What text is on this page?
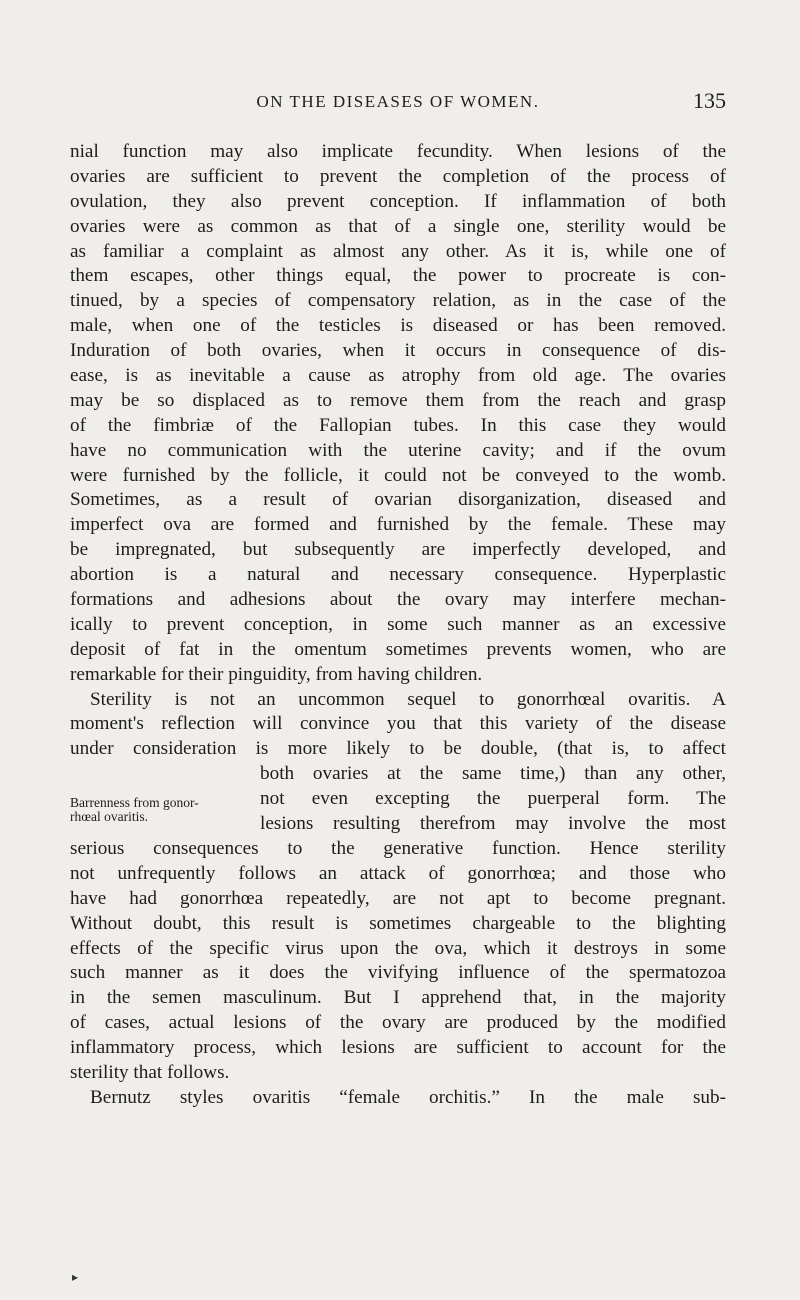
ON THE DISEASES OF WOMEN.	135
nial function may also implicate fecundity. When lesions of the
ovaries are sufficient to prevent the completion of the process of
ovulation, they also prevent conception. If inflammation of both
ovaries were as common as that of a single one, sterility would be
as familiar a complaint as almost any other. As it is, while one of
them escapes, other things equal, the power to procreate is con-
tinued, by a species of compensatory relation, as in the case of the
male, when one of the testicles is diseased or has been removed.
Induration of both ovaries, when it occurs in consequence of dis-
ease, is as inevitable a cause as atrophy from old age. The ovaries
may be so displaced as to remove them from the reach and grasp
of the fimbriæ of the Fallopian tubes. In this case they would
have no communication with the uterine cavity; and if the ovum
were furnished by the follicle, it could not be conveyed to the womb.
Sometimes, as a result of ovarian disorganization, diseased and
imperfect ova are formed and furnished by the female. These may
be impregnated, but subsequently are imperfectly developed, and
abortion is a natural and necessary consequence. Hyperplastic
formations and adhesions about the ovary may interfere mechan-
ically to prevent conception, in some such manner as an excessive
deposit of fat in the omentum sometimes prevents women, who are
remarkable for their pinguidity, from having children.
Sterility is not an uncommon sequel to gonorrhœal ovaritis. A
moment's reflection will convince you that this variety of the disease
under consideration is more likely to be double, (that is, to affect
both ovaries at the same time,) than any other,
not even excepting the puerperal form. The
lesions resulting therefrom may involve the most
serious consequences to the generative function. Hence sterility
not unfrequently follows an attack of gonorrhœa; and those who
have had gonorrhœa repeatedly, are not apt to become pregnant.
Without doubt, this result is sometimes chargeable to the blighting
effects of the specific virus upon the ova, which it destroys in some
such manner as it does the vivifying influence of the spermatozoa
in the semen masculinum. But I apprehend that, in the majority
of cases, actual lesions of the ovary are produced by the modified
inflammatory process, which lesions are sufficient to account for the
sterility that follows.
Bernutz styles ovaritis “female orchitis.” In the male sub-
Barrenness from gonor-
rhœal ovaritis.
▸
